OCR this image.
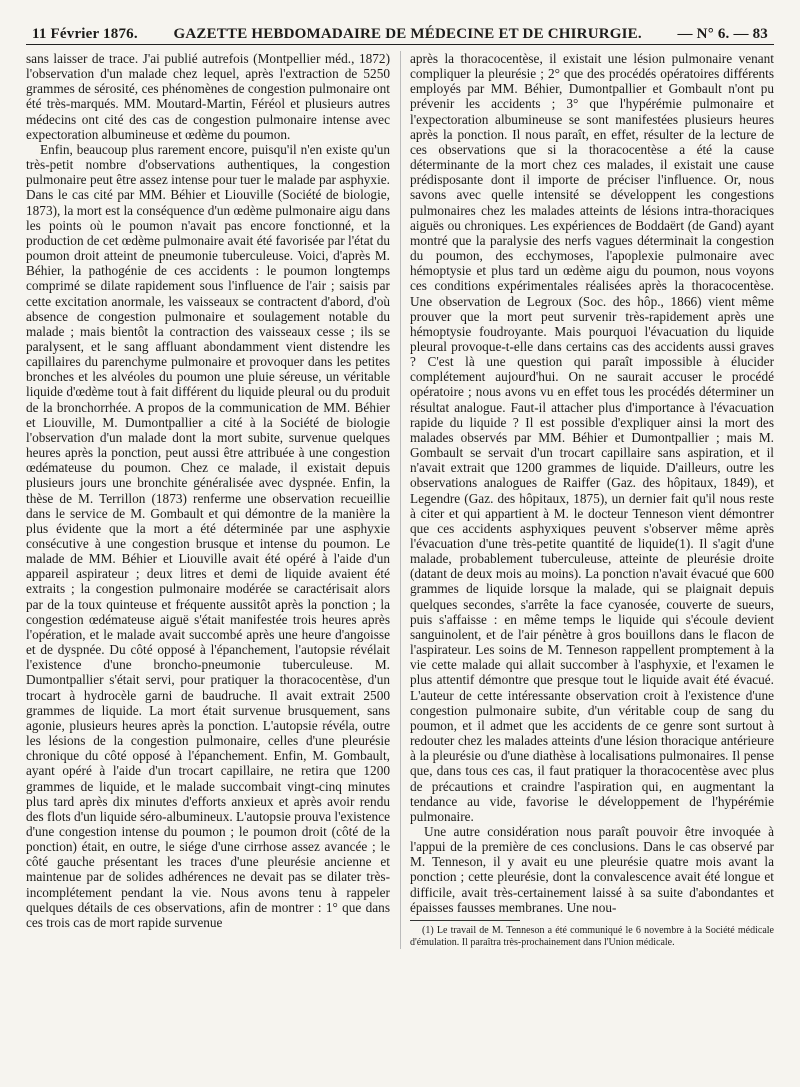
11 Février 1876. GAZETTE HEBDOMADAIRE DE MÉDECINE ET DE CHIRURGIE. — N° 6. — 83

sans laisser de trace. J'ai publié autrefois (Montpellier méd., 1872) l'observation d'un malade chez lequel, après l'extraction de 5250 grammes de sérosité, ces phénomènes de congestion pulmonaire ont été très-marqués. MM. Moutard-Martin, Féréol et plusieurs autres médecins ont cité des cas de congestion pulmonaire intense avec expectoration albumineuse et œdème du poumon.

Enfin, beaucoup plus rarement encore, puisqu'il n'en existe qu'un très-petit nombre d'observations authentiques, la congestion pulmonaire peut être assez intense pour tuer le malade par asphyxie. Dans le cas cité par MM. Béhier et Liouville (Société de biologie, 1873), la mort est la conséquence d'un œdème pulmonaire aigu dans les points où le poumon n'avait pas encore fonctionné, et la production de cet œdème pulmonaire avait été favorisée par l'état du poumon droit atteint de pneumonie tuberculeuse. Voici, d'après M. Béhier, la pathogénie de ces accidents : le poumon longtemps comprimé se dilate rapidement sous l'influence de l'air ; saisis par cette excitation anormale, les vaisseaux se contractent d'abord, d'où absence de congestion pulmonaire et soulagement notable du malade ; mais bientôt la contraction des vaisseaux cesse ; ils se paralysent, et le sang affluant abondamment vient distendre les capillaires du parenchyme pulmonaire et provoquer dans les petites bronches et les alvéoles du poumon une pluie séreuse, un véritable liquide d'œdème tout à fait différent du liquide pleural ou du produit de la bronchorrhée. A propos de la communication de MM. Béhier et Liouville, M. Dumontpallier a cité à la Société de biologie l'observation d'un malade dont la mort subite, survenue quelques heures après la ponction, peut aussi être attribuée à une congestion œdémateuse du poumon. Chez ce malade, il existait depuis plusieurs jours une bronchite généralisée avec dyspnée. Enfin, la thèse de M. Terrillon (1873) renferme une observation recueillie dans le service de M. Gombault et qui démontre de la manière la plus évidente que la mort a été déterminée par une asphyxie consécutive à une congestion brusque et intense du poumon. Le malade de MM. Béhier et Liouville avait été opéré à l'aide d'un appareil aspirateur ; deux litres et demi de liquide avaient été extraits ; la congestion pulmonaire modérée se caractérisait alors par de la toux quinteuse et fréquente aussitôt après la ponction ; la congestion œdémateuse aiguë s'était manifestée trois heures après l'opération, et le malade avait succombé après une heure d'angoisse et de dyspnée. Du côté opposé à l'épanchement, l'autopsie révélait l'existence d'une broncho-pneumonie tuberculeuse. M. Dumontpallier s'était servi, pour pratiquer la thoracocentèse, d'un trocart à hydrocèle garni de baudruche. Il avait extrait 2500 grammes de liquide. La mort était survenue brusquement, sans agonie, plusieurs heures après la ponction. L'autopsie révéla, outre les lésions de la congestion pulmonaire, celles d'une pleurésie chronique du côté opposé à l'épanchement. Enfin, M. Gombault, ayant opéré à l'aide d'un trocart capillaire, ne retira que 1200 grammes de liquide, et le malade succombait vingt-cinq minutes plus tard après dix minutes d'efforts anxieux et après avoir rendu des flots d'un liquide séro-albumineux. L'autopsie prouva l'existence d'une congestion intense du poumon ; le poumon droit (côté de la ponction) était, en outre, le siége d'une cirrhose assez avancée ; le côté gauche présentant les traces d'une pleurésie ancienne et maintenue par de solides adhérences ne devait pas se dilater très-incomplétement pendant la vie. Nous avons tenu à rappeler quelques détails de ces observations, afin de montrer : 1° que dans ces trois cas de mort rapide survenue

après la thoracocentèse, il existait une lésion pulmonaire venant compliquer la pleurésie ; 2° que des procédés opératoires différents employés par MM. Béhier, Dumontpallier et Gombault n'ont pu prévenir les accidents ; 3° que l'hypérémie pulmonaire et l'expectoration albumineuse se sont manifestées plusieurs heures après la ponction. Il nous paraît, en effet, résulter de la lecture de ces observations que si la thoracocentèse a été la cause déterminante de la mort chez ces malades, il existait une cause prédisposante dont il importe de préciser l'influence. Or, nous savons avec quelle intensité se développent les congestions pulmonaires chez les malades atteints de lésions intra-thoraciques aiguës ou chroniques. Les expériences de Boddaërt (de Gand) ayant montré que la paralysie des nerfs vagues déterminait la congestion du poumon, des ecchymoses, l'apoplexie pulmonaire avec hémoptysie et plus tard un œdème aigu du poumon, nous voyons ces conditions expérimentales réalisées après la thoracocentèse. Une observation de Legroux (Soc. des hôp., 1866) vient même prouver que la mort peut survenir très-rapidement après une hémoptysie foudroyante. Mais pourquoi l'évacuation du liquide pleural provoque-t-elle dans certains cas des accidents aussi graves ? C'est là une question qui paraît impossible à élucider complétement aujourd'hui. On ne saurait accuser le procédé opératoire ; nous avons vu en effet tous les procédés déterminer un résultat analogue. Faut-il attacher plus d'importance à l'évacuation rapide du liquide ? Il est possible d'expliquer ainsi la mort des malades observés par MM. Béhier et Dumontpallier ; mais M. Gombault se servait d'un trocart capillaire sans aspiration, et il n'avait extrait que 1200 grammes de liquide. D'ailleurs, outre les observations analogues de Raiffer (Gaz. des hôpitaux, 1849), et Legendre (Gaz. des hôpitaux, 1875), un dernier fait qu'il nous reste à citer et qui appartient à M. le docteur Tenneson vient démontrer que ces accidents asphyxiques peuvent s'observer même après l'évacuation d'une très-petite quantité de liquide(1). Il s'agit d'une malade, probablement tuberculeuse, atteinte de pleurésie droite (datant de deux mois au moins). La ponction n'avait évacué que 600 grammes de liquide lorsque la malade, qui se plaignait depuis quelques secondes, s'arrête la face cyanosée, couverte de sueurs, puis s'affaisse : en même temps le liquide qui s'écoule devient sanguinolent, et de l'air pénètre à gros bouillons dans le flacon de l'aspirateur. Les soins de M. Tenneson rappellent promptement à la vie cette malade qui allait succomber à l'asphyxie, et l'examen le plus attentif démontre que presque tout le liquide avait été évacué. L'auteur de cette intéressante observation croit à l'existence d'une congestion pulmonaire subite, d'un véritable coup de sang du poumon, et il admet que les accidents de ce genre sont surtout à redouter chez les malades atteints d'une lésion thoracique antérieure à la pleurésie ou d'une diathèse à localisations pulmonaires. Il pense que, dans tous ces cas, il faut pratiquer la thoracocentèse avec plus de précautions et craindre l'aspiration qui, en augmentant la tendance au vide, favorise le développement de l'hypérémie pulmonaire.

Une autre considération nous paraît pouvoir être invoquée à l'appui de la première de ces conclusions. Dans le cas observé par M. Tenneson, il y avait eu une pleurésie quatre mois avant la ponction ; cette pleurésie, dont la convalescence avait été longue et difficile, avait très-certainement laissé à sa suite d'abondantes et épaisses fausses membranes. Une nou-

(1) Le travail de M. Tenneson a été communiqué le 6 novembre à la Société médicale d'émulation. Il paraîtra très-prochainement dans l'Union médicale.
